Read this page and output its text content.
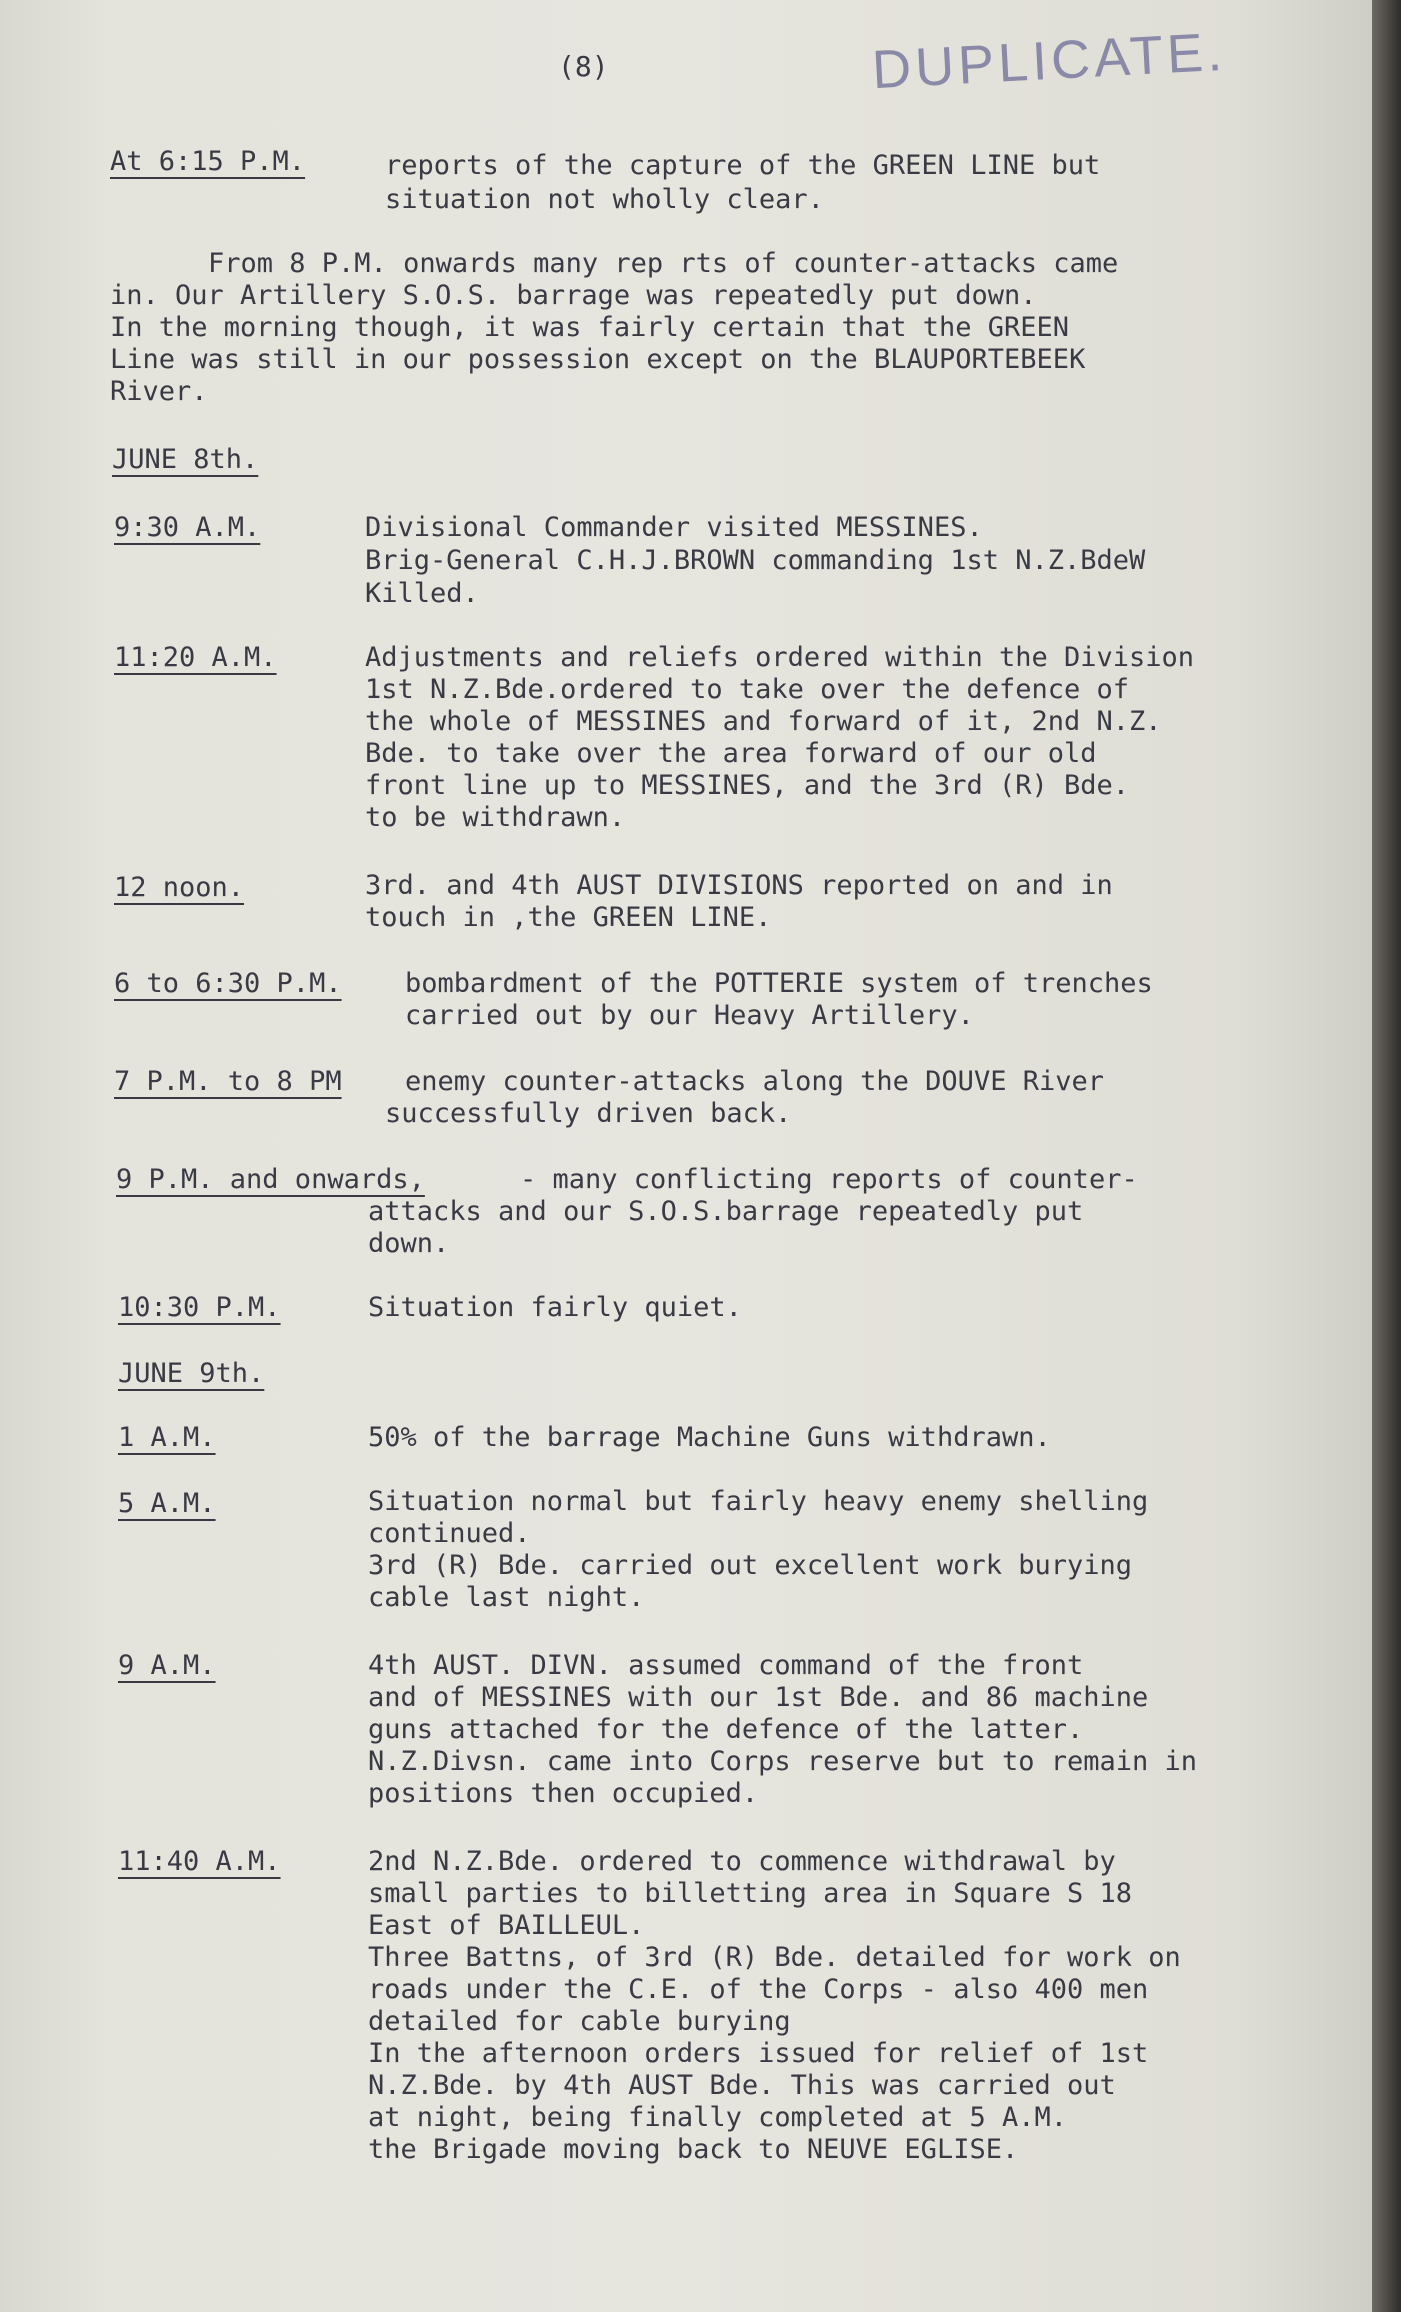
(8)	DUPLICATE.
At 6:15 P.M.	reports of the capture of the GREEN LINE but
situation not wholly clear.
From 8 P.M. onwards many rep rts of counter-attacks came
in. Our Artillery S.O.S. barrage was repeatedly put down.
In the morning though, it was fairly certain that the GREEN
Line was still in our possession except on the BLAUPORTEBEEK
River.
JUNE 8th.
9:30 A.M.	Divisional Commander visited MESSINES.
Brig-General C.H.J.BROWN commanding 1st N.Z.BdeW
Killed.
11:20 A.M.	Adjustments and reliefs ordered within the Division
1st N.Z.Bde.ordered to take over the defence of
the whole of MESSINES and forward of it, 2nd N.Z.
Bde. to take over the area forward of our old
front line up to MESSINES, and the 3rd (R) Bde.
to be withdrawn.
12 noon.	3rd. and 4th AUST DIVISIONS reported on and in
touch in ,the GREEN LINE.
6 to 6:30 P.M. bombardment of the POTTERIE system of trenches
carried out by our Heavy Artillery.
7 P.M. to 8 PM enemy counter-attacks along the DOUVE River
successfully driven back.
9 P.M. and onwards,	- many conflicting reports of counter-
attacks and our S.O.S.barrage repeatedly put
down.
10:30 P.M.	Situation fairly quiet.
JUNE 9th.
1 A.M.	50% of the barrage Machine Guns withdrawn.
5 A.M.	Situation normal but fairly heavy enemy shelling
continued.
3rd (R) Bde. carried out excellent work burying
cable last night.
9 A.M.	4th AUST. DIVN. assumed command of the front
and of MESSINES with our 1st Bde. and 86 machine
guns attached for the defence of the latter.
N.Z.Divsn. came into Corps reserve but to remain in
positions then occupied.
11:40 A.M.	2nd N.Z.Bde. ordered to commence withdrawal by
small parties to billetting area in Square S 18
East of BAILLEUL.
Three Battns, of 3rd (R) Bde. detailed for work on
roads under the C.E. of the Corps - also 400 men
detailed for cable burying
In the afternoon orders issued for relief of 1st
N.Z.Bde. by 4th AUST Bde. This was carried out
at night, being finally completed at 5 A.M.
the Brigade moving back to NEUVE EGLISE.
